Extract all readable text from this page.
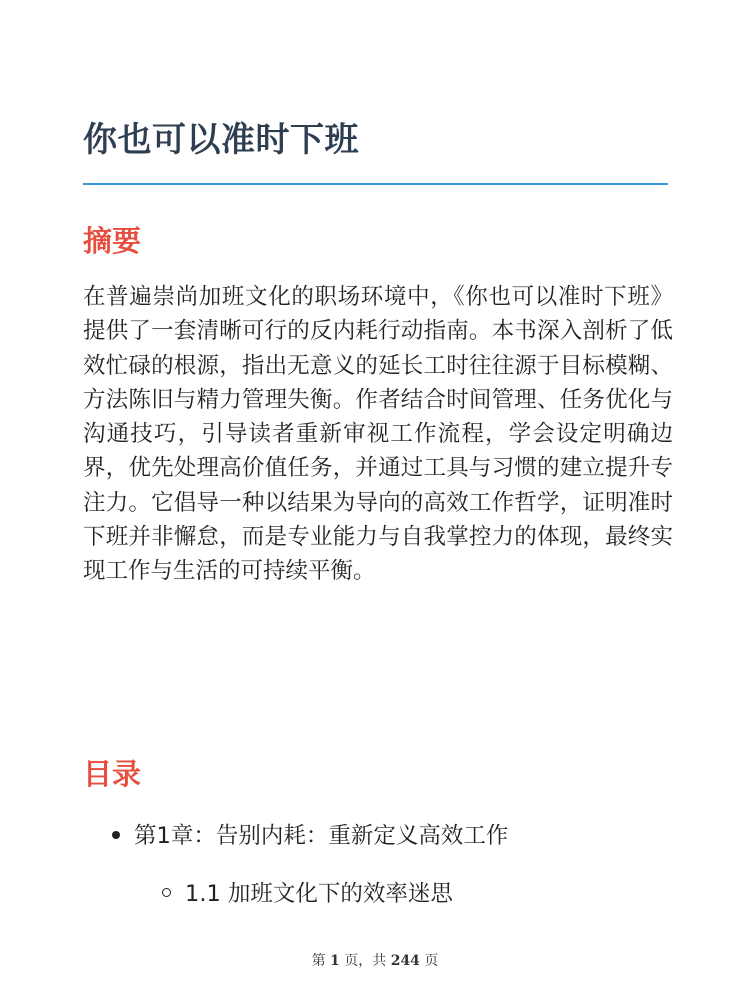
你也可以准时下班
摘要

在普遍崇尚加班文化的职场环境中，《你也可以准时下班》提供了一套清晰可行的反内耗行动指南。本书深入剖析了低效忙碌的根源，指出无意义的延长工时往往源于目标模糊、方法陈旧与精力管理失衡。作者结合时间管理、任务优化与沟通技巧，引导读者重新审视工作流程，学会设定明确边界，优先处理高价值任务，并通过工具与习惯的建立提升专注力。它倡导一种以结果为导向的高效工作哲学，证明准时下班并非懈怠，而是专业能力与自我掌控力的体现，最终实现工作与生活的可持续平衡。

目录
第1章：告别内耗：重新定义高效工作
1.1 加班文化下的效率迷思
第 1 页，共 244 页
